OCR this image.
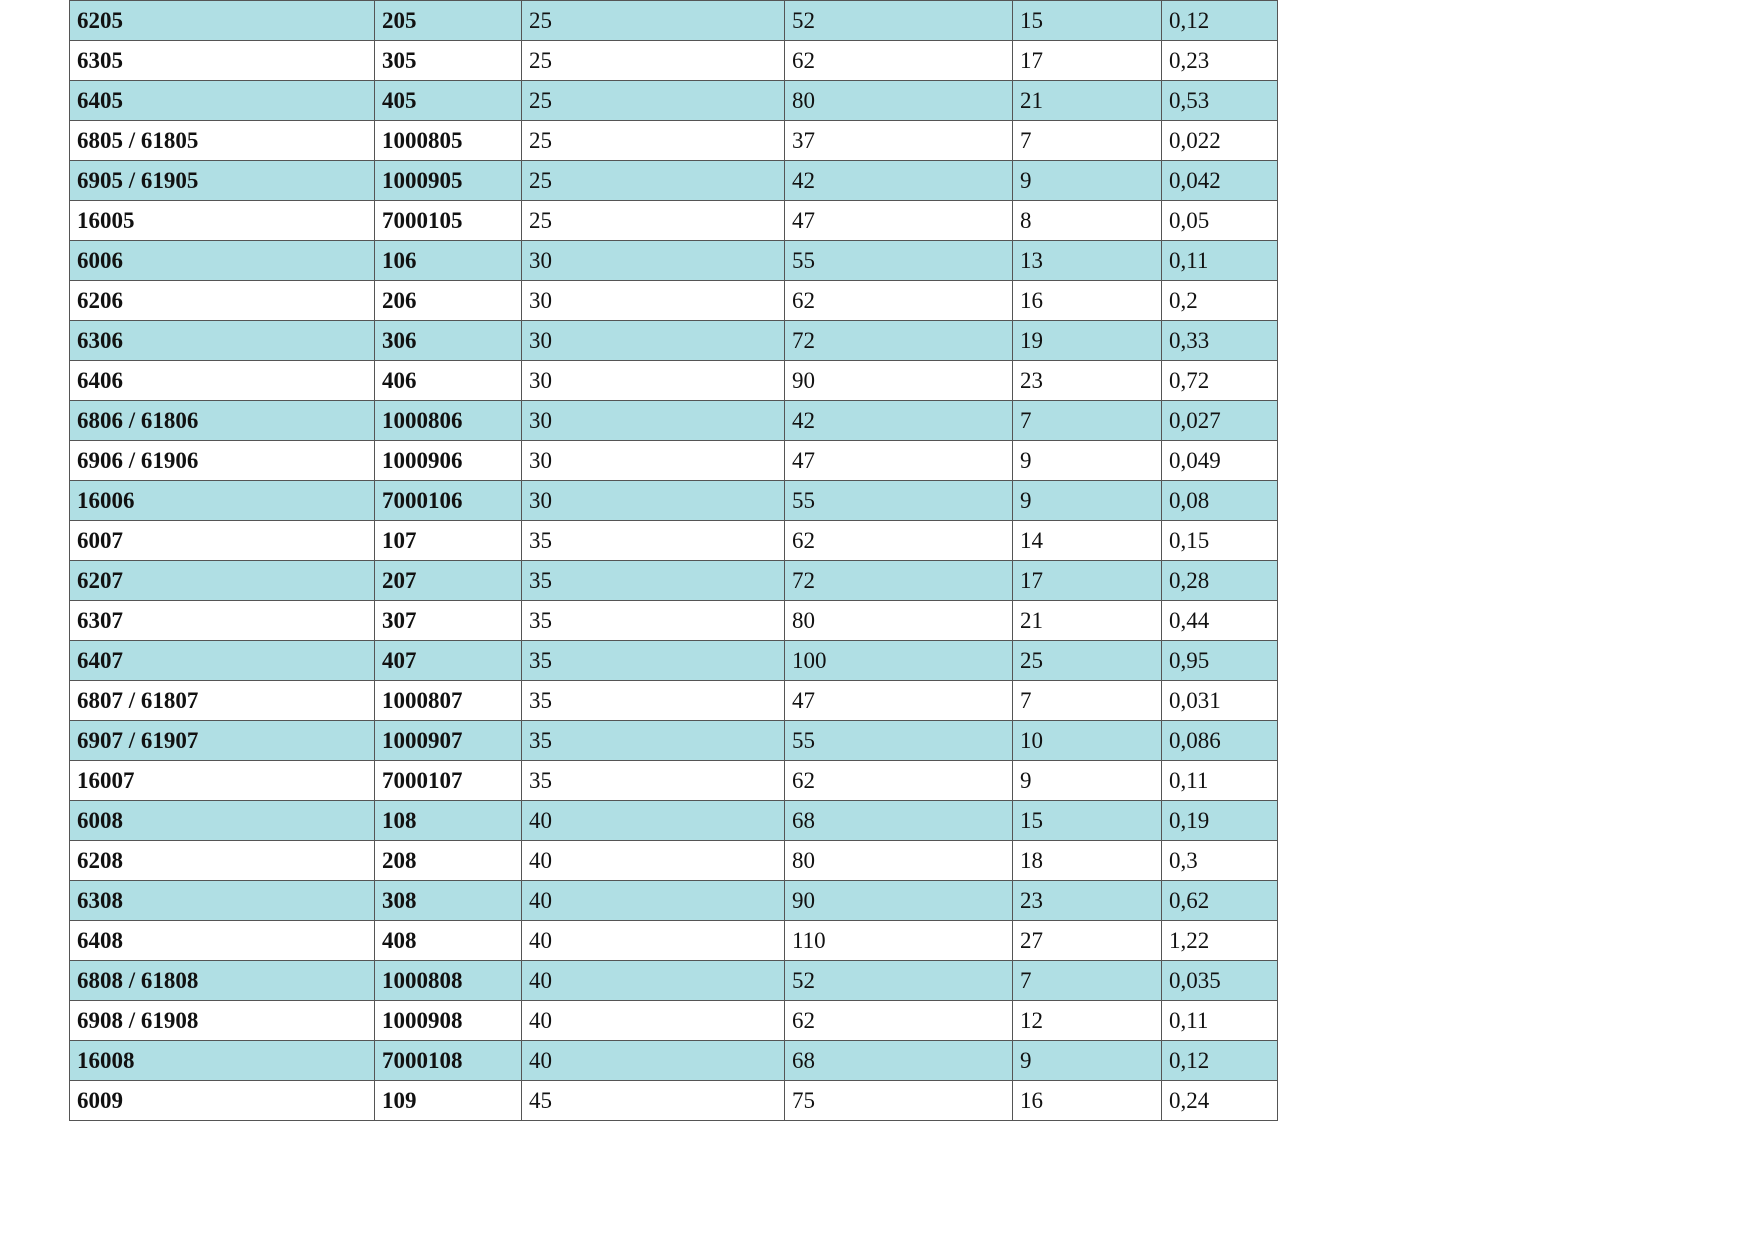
6205	205	25	52	15	0,12
6305	305	25	62	17	0,23
6405	405	25	80	21	0,53
6805 / 61805	1000805	25	37	7	0,022
6905 / 61905	1000905	25	42	9	0,042
16005	7000105	25	47	8	0,05
6006	106	30	55	13	0,11
6206	206	30	62	16	0,2
6306	306	30	72	19	0,33
6406	406	30	90	23	0,72
6806 / 61806	1000806	30	42	7	0,027
6906 / 61906	1000906	30	47	9	0,049
16006	7000106	30	55	9	0,08
6007	107	35	62	14	0,15
6207	207	35	72	17	0,28
6307	307	35	80	21	0,44
6407	407	35	100	25	0,95
6807 / 61807	1000807	35	47	7	0,031
6907 / 61907	1000907	35	55	10	0,086
16007	7000107	35	62	9	0,11
6008	108	40	68	15	0,19
6208	208	40	80	18	0,3
6308	308	40	90	23	0,62
6408	408	40	110	27	1,22
6808 / 61808	1000808	40	52	7	0,035
6908 / 61908	1000908	40	62	12	0,11
16008	7000108	40	68	9	0,12
6009	109	45	75	16	0,24
